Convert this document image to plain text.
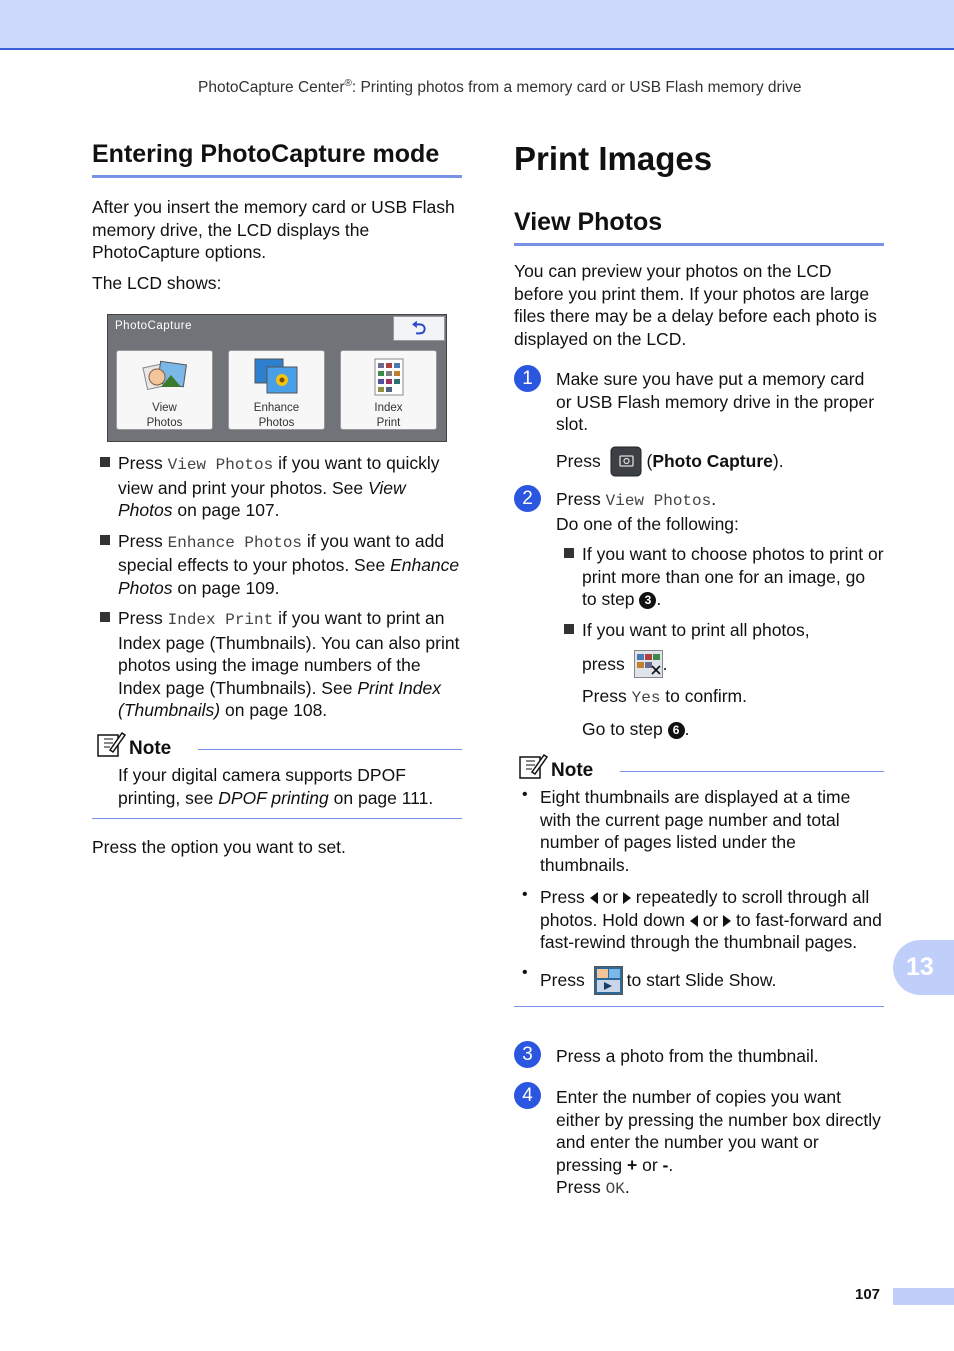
PhotoCapture Center®: Printing photos from a memory card or USB Flash memory drive
Entering PhotoCapture mode

After you insert the memory card or USB Flash memory drive, the LCD displays the PhotoCapture options.

The LCD shows:

PhotoCapture	⮌
View
Photos
Enhance
Photos
Index
Print

Press View Photos if you want to quickly view and print your photos. See View Photos on page 107.

Press Enhance Photos if you want to add special effects to your photos. See Enhance Photos on page 109.

Press Index Print if you want to print an Index page (Thumbnails). You can also print photos using the image numbers of the Index page (Thumbnails). See Print Index (Thumbnails) on page 108.

Note

If your digital camera supports DPOF printing, see DPOF printing on page 111.

Press the option you want to set.

Print Images
View Photos

You can preview your photos on the LCD before you print them. If your photos are large files there may be a delay before each photo is displayed on the LCD.

1	Make sure you have put a memory card or USB Flash memory drive in the proper slot.

Press  (Photo Capture).

2	Press View Photos.

Do one of the following:

If you want to choose photos to print or print more than one for an image, go to step 3 .

If you want to print all photos,

press .

Press Yes to confirm.

Go to step 6 .

Note

• Eight thumbnails are displayed at a time with the current page number and total number of pages listed under the thumbnails.

• Press  or  repeatedly to scroll through all photos. Hold down  or  to fast-forward and fast-rewind through the thumbnail pages.

• Press to start Slide Show.

3	Press a photo from the thumbnail.

4	Enter the number of copies you want either by pressing the number box directly and enter the number you want or pressing + or -.

Press OK.

13
107
